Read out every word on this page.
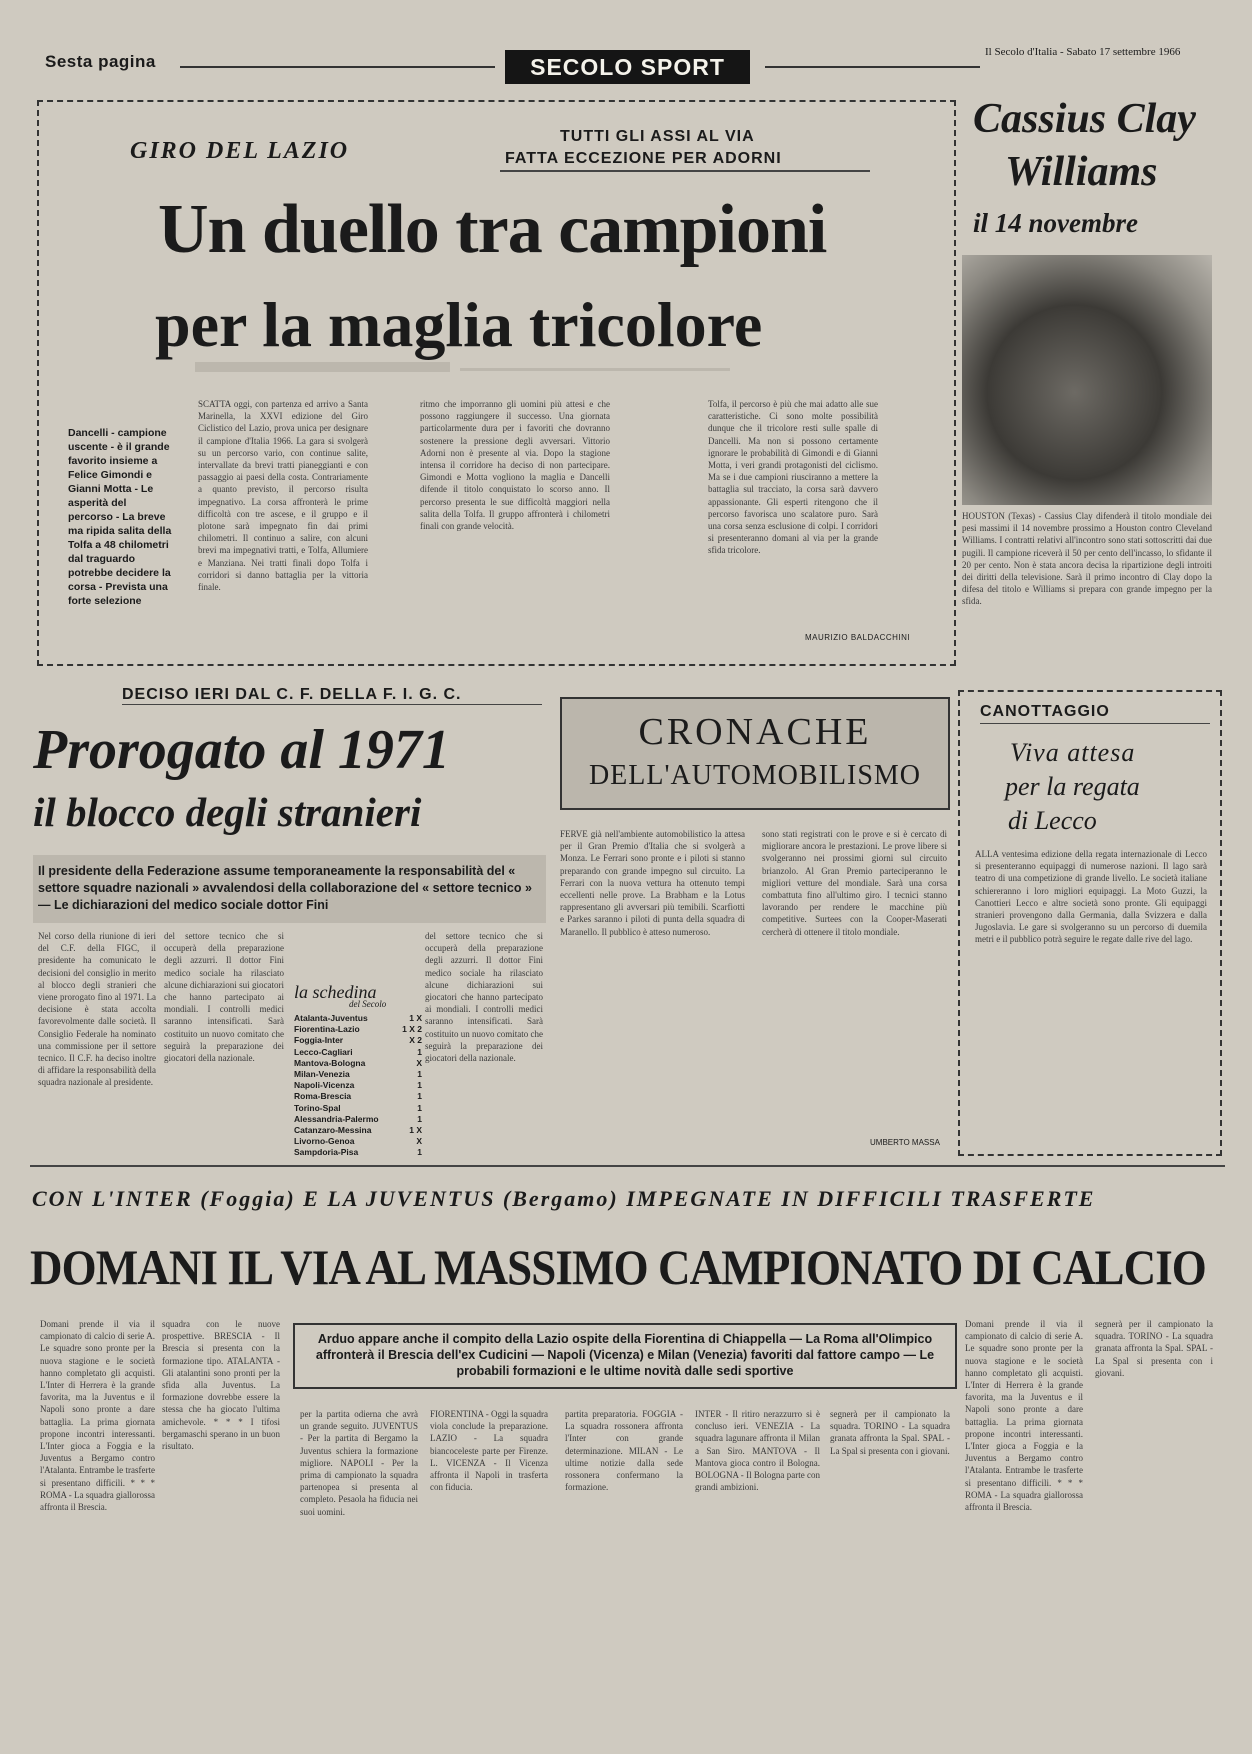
Sesta pagina	SECOLO SPORT
Il Secolo d'Italia - Sabato 17 settembre 1966
GIRO DEL LAZIO
TUTTI GLI ASSI AL VIA
FATTA ECCEZIONE PER ADORNI
Un duello tra campioni
per la maglia tricolore
Dancelli - campione uscente - è il grande favorito insieme a Felice Gimondi e Gianni Motta - Le asperità del percorso - La breve ma ripida salita della Tolfa a 48 chilometri dal traguardo potrebbe decidere la corsa - Prevista una forte selezione
SCATTA oggi, con partenza ed arrivo a Santa Marinella, la XXVI edizione del Giro Ciclistico del Lazio, prova unica per designare il campione d'Italia 1966. La gara si svolgerà su un percorso vario, con continue salite, intervallate da brevi tratti pianeggianti e con passaggio ai paesi della costa. Contrariamente a quanto previsto, il percorso risulta impegnativo. La corsa affronterà le prime difficoltà con tre ascese, e il gruppo e il plotone sarà impegnato fin dai primi chilometri. Il continuo a salire, con alcuni brevi ma impegnativi tratti, e Tolfa, Allumiere e Manziana. Nei tratti finali dopo Tolfa i corridori si danno battaglia per la vittoria finale.
ritmo che imporranno gli uomini più attesi e che possono raggiungere il successo. Una giornata particolarmente dura per i favoriti che dovranno sostenere la pressione degli avversari. Vittorio Adorni non è presente al via. Dopo la stagione intensa il corridore ha deciso di non partecipare. Gimondi e Motta vogliono la maglia e Dancelli difende il titolo conquistato lo scorso anno. Il percorso presenta le sue difficoltà maggiori nella salita della Tolfa. Il gruppo affronterà i chilometri finali con grande velocità.
Tolfa, il percorso è più che mai adatto alle sue caratteristiche. Ci sono molte possibilità dunque che il tricolore resti sulle spalle di Dancelli. Ma non si possono certamente ignorare le probabilità di Gimondi e di Gianni Motta, i veri grandi protagonisti del ciclismo. Ma se i due campioni riusciranno a mettere la battaglia sul tracciato, la corsa sarà davvero appassionante. Gli esperti ritengono che il percorso favorisca uno scalatore puro. Sarà una corsa senza esclusione di colpi. I corridori si presenteranno domani al via per la grande sfida tricolore.
MAURIZIO BALDACCHINI
Cassius Clay
Williams
il 14 novembre
HOUSTON (Texas) - Cassius Clay difenderà il titolo mondiale dei pesi massimi il 14 novembre prossimo a Houston contro Cleveland Williams. I contratti relativi all'incontro sono stati sottoscritti dai due pugili. Il campione riceverà il 50 per cento dell'incasso, lo sfidante il 20 per cento. Non è stata ancora decisa la ripartizione degli introiti dei diritti della televisione. Sarà il primo incontro di Clay dopo la difesa del titolo e Williams si prepara con grande impegno per la sfida.
DECISO IERI DAL C. F. DELLA F. I. G. C.
Prorogato al 1971
il blocco degli stranieri
Il presidente della Federazione assume temporaneamente la responsabilità del « settore squadre nazionali » avvalendosi della collaborazione del « settore tecnico » — Le dichiarazioni del medico sociale dottor Fini
Nel corso della riunione di ieri del C.F. della FIGC, il presidente ha comunicato le decisioni del consiglio in merito al blocco degli stranieri che viene prorogato fino al 1971. La decisione è stata accolta favorevolmente dalle società. Il Consiglio Federale ha nominato una commissione per il settore tecnico. Il C.F. ha deciso inoltre di affidare la responsabilità della squadra nazionale al presidente.
del settore tecnico che si occuperà della preparazione degli azzurri. Il dottor Fini medico sociale ha rilasciato alcune dichiarazioni sui giocatori che hanno partecipato ai mondiali. I controlli medici saranno intensificati. Sarà costituito un nuovo comitato che seguirà la preparazione dei giocatori della nazionale.
la schedina
del Secolo
Atalanta-Juventus	1 X
Fiorentina-Lazio	1 X 2
Foggia-Inter	X 2
Lecco-Cagliari	1
Mantova-Bologna	X
Milan-Venezia	1
Napoli-Vicenza	1
Roma-Brescia	1
Torino-Spal	1
Alessandria-Palermo	1
Catanzaro-Messina	1 X
Livorno-Genoa	X
Sampdoria-Pisa	1
del settore tecnico che si occuperà della preparazione degli azzurri. Il dottor Fini medico sociale ha rilasciato alcune dichiarazioni sui giocatori che hanno partecipato ai mondiali. I controlli medici saranno intensificati. Sarà costituito un nuovo comitato che seguirà la preparazione dei giocatori della nazionale.
CRONACHE
DELL'AUTOMOBILISMO
FERVE già nell'ambiente automobilistico la attesa per il Gran Premio d'Italia che si svolgerà a Monza. Le Ferrari sono pronte e i piloti si stanno preparando con grande impegno sul circuito. La Ferrari con la nuova vettura ha ottenuto tempi eccellenti nelle prove. La Brabham e la Lotus rappresentano gli avversari più temibili. Scarfiotti e Parkes saranno i piloti di punta della squadra di Maranello. Il pubblico è atteso numeroso.
sono stati registrati con le prove e si è cercato di migliorare ancora le prestazioni. Le prove libere si svolgeranno nei prossimi giorni sul circuito brianzolo. Al Gran Premio parteciperanno le migliori vetture del mondiale. Sarà una corsa combattuta fino all'ultimo giro. I tecnici stanno lavorando per rendere le macchine più competitive. Surtees con la Cooper-Maserati cercherà di ottenere il titolo mondiale.
UMBERTO MASSA
CANOTTAGGIO
Viva attesa
per la regata
di Lecco
ALLA ventesima edizione della regata internazionale di Lecco si presenteranno equipaggi di numerose nazioni. Il lago sarà teatro di una competizione di grande livello. Le società italiane schiereranno i loro migliori equipaggi. La Moto Guzzi, la Canottieri Lecco e altre società sono pronte. Gli equipaggi stranieri provengono dalla Germania, dalla Svizzera e dalla Jugoslavia. Le gare si svolgeranno su un percorso di duemila metri e il pubblico potrà seguire le regate dalle rive del lago.
CON L'INTER (Foggia) E LA JUVENTUS (Bergamo) IMPEGNATE IN DIFFICILI TRASFERTE
DOMANI IL VIA AL MASSIMO CAMPIONATO DI CALCIO
Arduo appare anche il compito della Lazio ospite della Fiorentina di Chiappella — La Roma all'Olimpico affronterà il Brescia dell'ex Cudicini — Napoli (Vicenza) e Milan (Venezia) favoriti dal fattore campo — Le probabili formazioni e le ultime novità dalle sedi sportive
Domani prende il via il campionato di calcio di serie A. Le squadre sono pronte per la nuova stagione e le società hanno completato gli acquisti. L'Inter di Herrera è la grande favorita, ma la Juventus e il Napoli sono pronte a dare battaglia. La prima giornata propone incontri interessanti. L'Inter gioca a Foggia e la Juventus a Bergamo contro l'Atalanta. Entrambe le trasferte si presentano difficili. * * * ROMA - La squadra giallorossa affronta il Brescia.
squadra con le nuove prospettive. BRESCIA - Il Brescia si presenta con la formazione tipo. ATALANTA - Gli atalantini sono pronti per la sfida alla Juventus. La formazione dovrebbe essere la stessa che ha giocato l'ultima amichevole. * * * I tifosi bergamaschi sperano in un buon risultato.
per la partita odierna che avrà un grande seguito. JUVENTUS - Per la partita di Bergamo la Juventus schiera la formazione migliore. NAPOLI - Per la prima di campionato la squadra partenopea si presenta al completo. Pesaola ha fiducia nei suoi uomini.
FIORENTINA - Oggi la squadra viola conclude la preparazione. LAZIO - La squadra biancoceleste parte per Firenze. L. VICENZA - Il Vicenza affronta il Napoli in trasferta con fiducia.
partita preparatoria. FOGGIA - La squadra rossonera affronta l'Inter con grande determinazione. MILAN - Le ultime notizie dalla sede rossonera confermano la formazione.
INTER - Il ritiro nerazzurro si è concluso ieri. VENEZIA - La squadra lagunare affronta il Milan a San Siro. MANTOVA - Il Mantova gioca contro il Bologna. BOLOGNA - Il Bologna parte con grandi ambizioni.
segnerà per il campionato la squadra. TORINO - La squadra granata affronta la Spal. SPAL - La Spal si presenta con i giovani.
Domani prende il via il campionato di calcio di serie A. Le squadre sono pronte per la nuova stagione e le società hanno completato gli acquisti. L'Inter di Herrera è la grande favorita, ma la Juventus e il Napoli sono pronte a dare battaglia. La prima giornata propone incontri interessanti. L'Inter gioca a Foggia e la Juventus a Bergamo contro l'Atalanta. Entrambe le trasferte si presentano difficili. * * * ROMA - La squadra giallorossa affronta il Brescia.
segnerà per il campionato la squadra. TORINO - La squadra granata affronta la Spal. SPAL - La Spal si presenta con i giovani.
